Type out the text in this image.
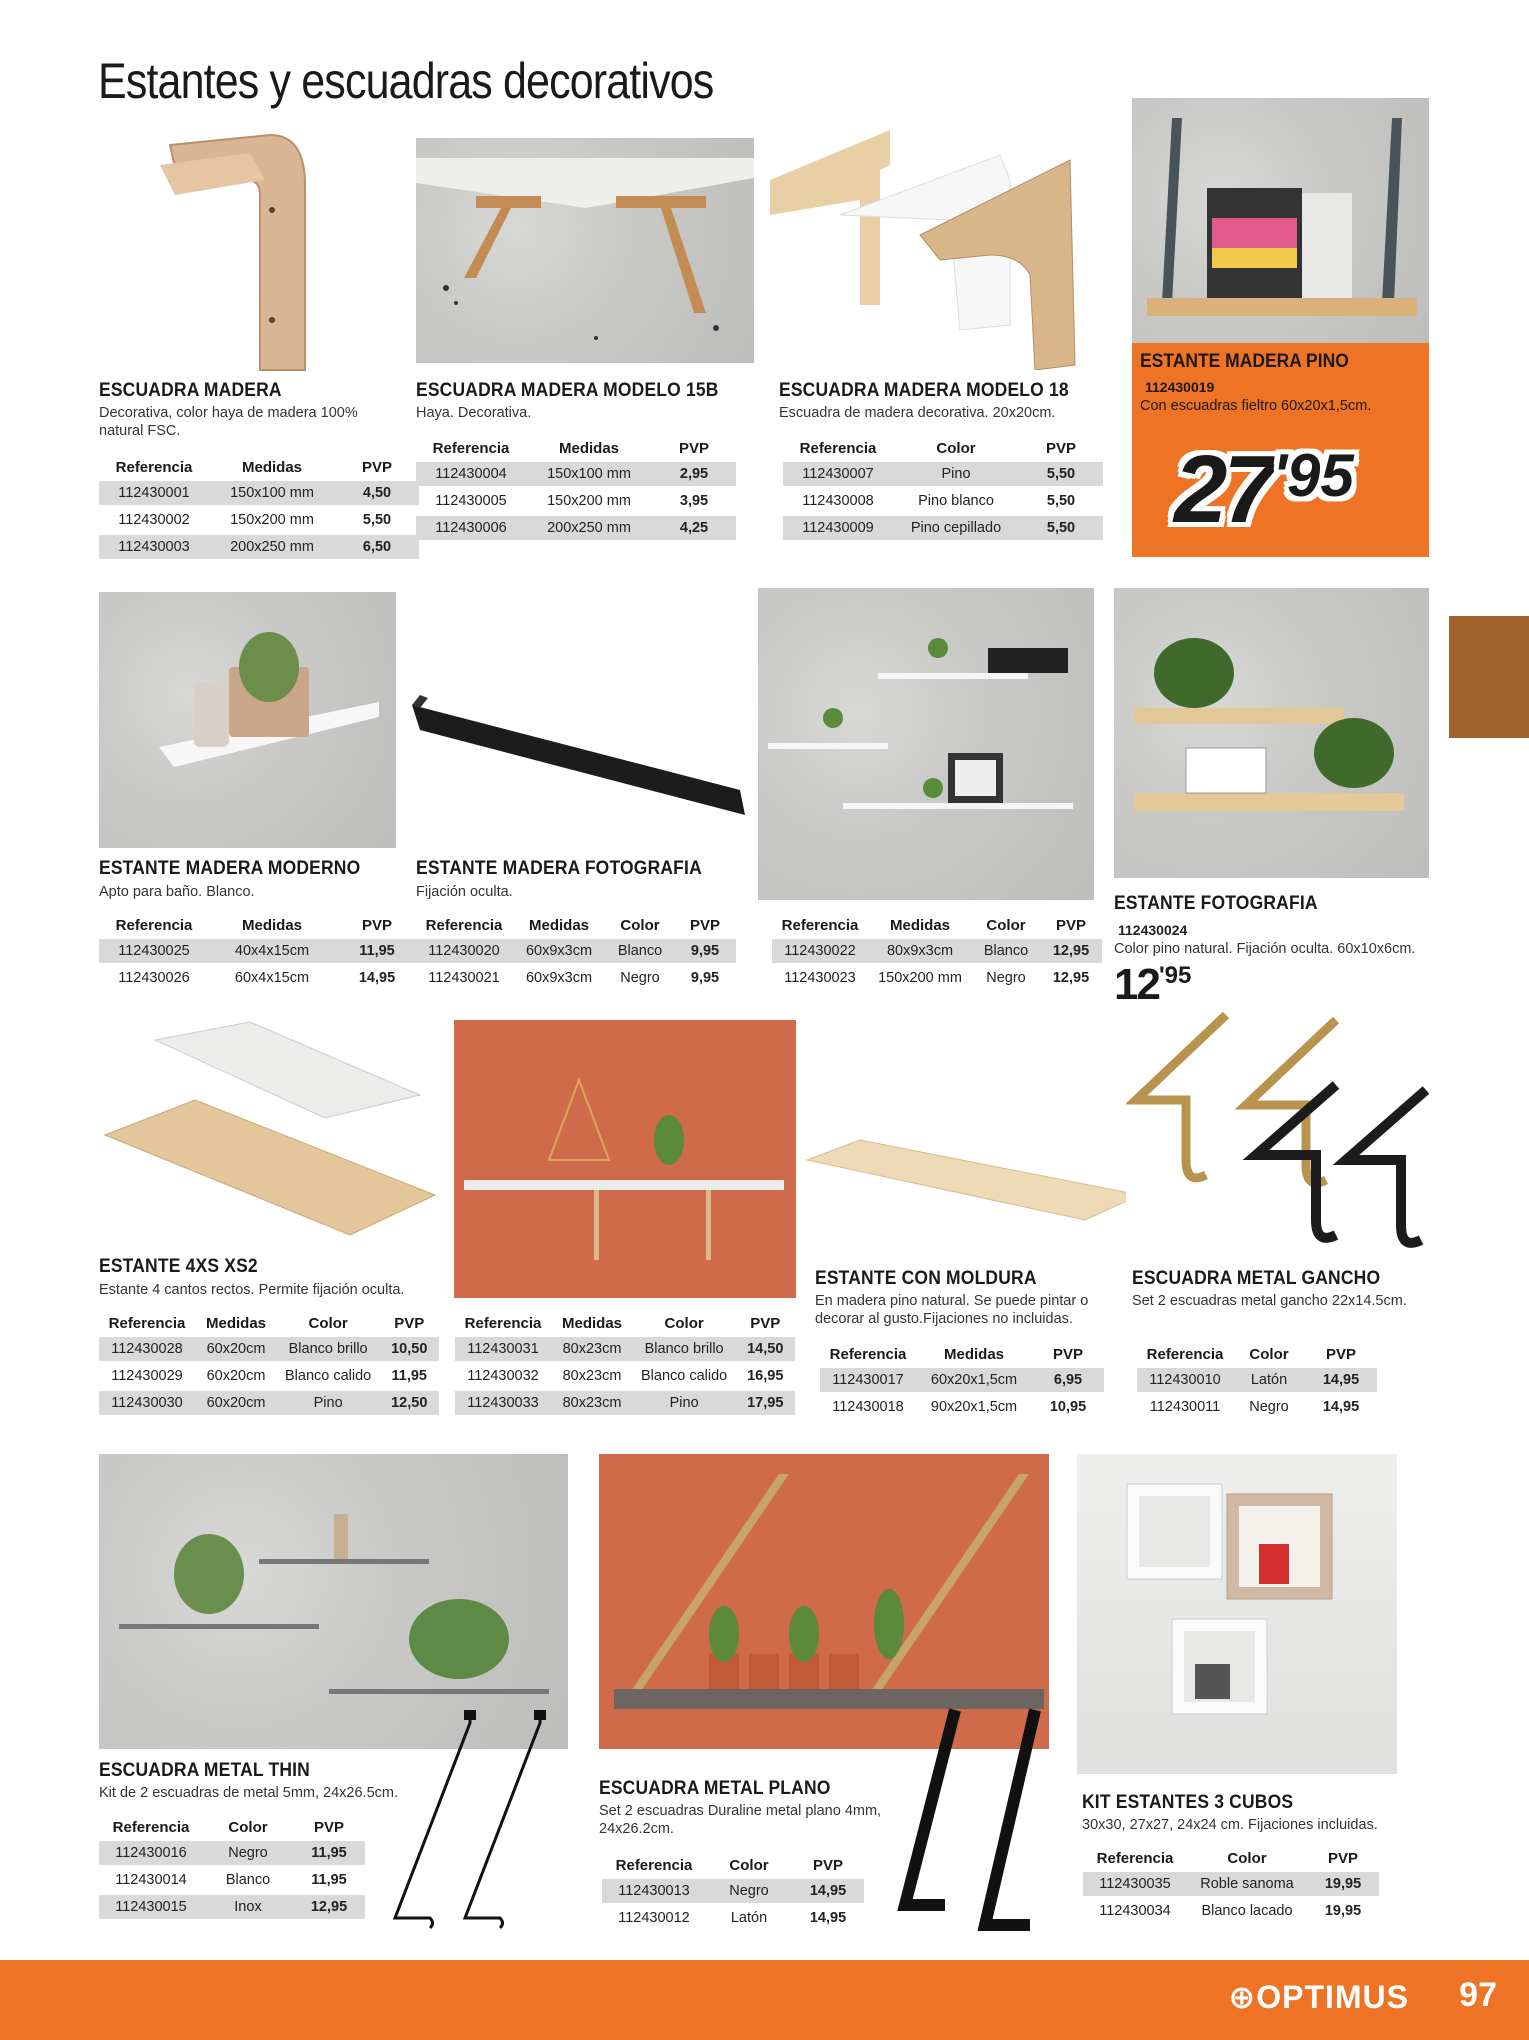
Estantes y escuadras decorativos
ESCUADRA MADERA
Decorativa, color haya de madera 100% natural FSC.
Referencia	Medidas	PVP
112430001	150x100 mm	4,50
112430002	150x200 mm	5,50
112430003	200x250 mm	6,50
ESCUADRA MADERA MODELO 15B
Haya. Decorativa.
Referencia	Medidas	PVP
112430004	150x100 mm	2,95
112430005	150x200 mm	3,95
112430006	200x250 mm	4,25
ESCUADRA MADERA MODELO 18
Escuadra de madera decorativa. 20x20cm.
Referencia	Color	PVP
112430007	Pino	5,50
112430008	Pino blanco	5,50
112430009	Pino cepillado	5,50
ESTANTE MADERA PINO
112430019
Con escuadras fieltro 60x20x1,5cm.
27'95
ESTANTE MADERA MODERNO
Apto para baño. Blanco.
Referencia	Medidas	PVP
112430025	40x4x15cm	11,95
112430026	60x4x15cm	14,95
ESTANTE MADERA FOTOGRAFIA
Fijación oculta.
Referencia	Medidas	Color	PVP
112430020	60x9x3cm	Blanco	9,95
112430021	60x9x3cm	Negro	9,95
Referencia	Medidas	Color	PVP
112430022	80x9x3cm	Blanco	12,95
112430023	150x200 mm	Negro	12,95
ESTANTE FOTOGRAFIA
112430024
Color pino natural. Fijación oculta. 60x10x6cm.
12'95
ESTANTE 4XS XS2
Estante 4 cantos rectos. Permite fijación oculta.
Referencia	Medidas	Color	PVP
112430028	60x20cm	Blanco brillo	10,50
112430029	60x20cm	Blanco calido	11,95
112430030	60x20cm	Pino	12,50
Referencia	Medidas	Color	PVP
112430031	80x23cm	Blanco brillo	14,50
112430032	80x23cm	Blanco calido	16,95
112430033	80x23cm	Pino	17,95
ESTANTE CON MOLDURA
En madera pino natural. Se puede pintar o decorar al gusto.Fijaciones no incluidas.
Referencia	Medidas	PVP
112430017	60x20x1,5cm	6,95
112430018	90x20x1,5cm	10,95
ESCUADRA METAL GANCHO
Set 2 escuadras metal gancho 22x14.5cm.
Referencia	Color	PVP
112430010	Latón	14,95
112430011	Negro	14,95
ESCUADRA METAL THIN
Kit de 2 escuadras de metal 5mm, 24x26.5cm.
Referencia	Color	PVP
112430016	Negro	11,95
112430014	Blanco	11,95
112430015	Inox	12,95
ESCUADRA METAL PLANO
Set 2 escuadras Duraline metal plano 4mm, 24x26.2cm.
Referencia	Color	PVP
112430013	Negro	14,95
112430012	Latón	14,95
KIT ESTANTES 3 CUBOS
30x30, 27x27, 24x24 cm. Fijaciones incluidas.
Referencia	Color	PVP
112430035	Roble sanoma	19,95
112430034	Blanco lacado	19,95
⊕OPTIMUS 97
